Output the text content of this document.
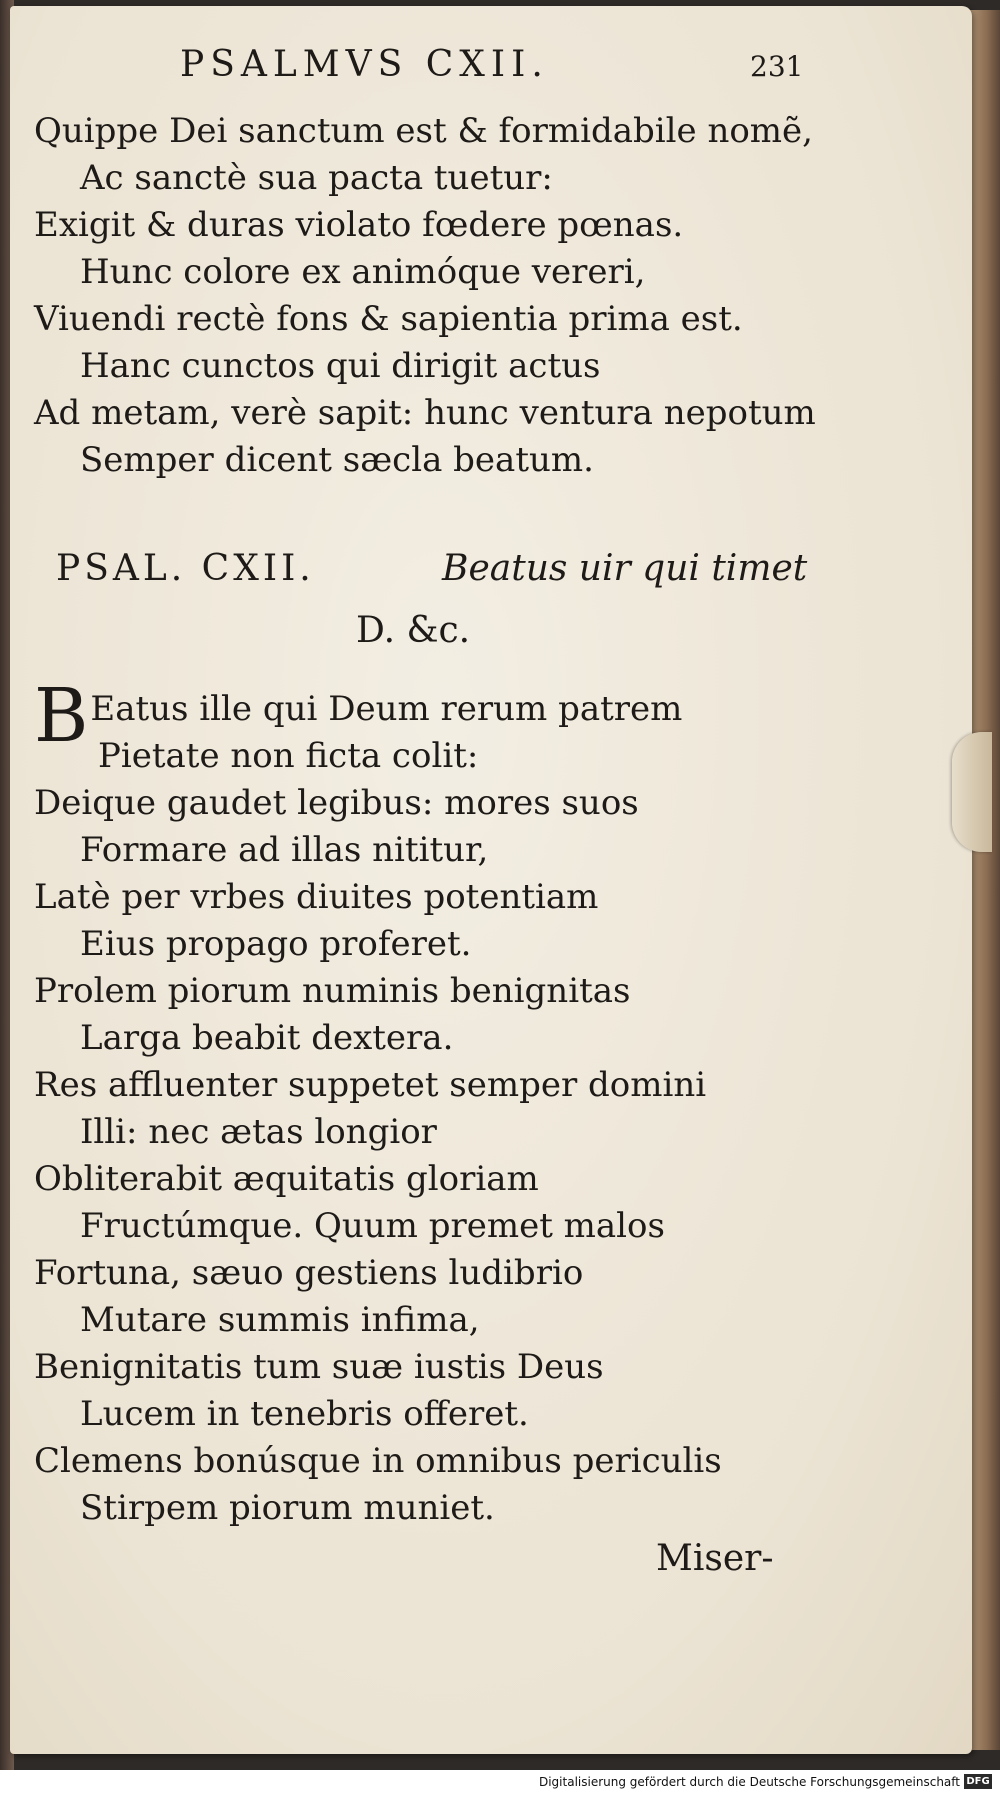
PSALMVS CXII.	231
Quippe Dei sanctum est & formidabile nomẽ,
Ac sanctè sua pacta tuetur:
Exigit & duras violato fœdere pœnas.
Hunc colore ex animóque vereri,
Viuendi rectè fons & sapientia prima est.
Hanc cunctos qui dirigit actus
Ad metam, verè sapit: hunc ventura nepotum
Semper dicent sæcla beatum.
PSAL. CXII.	Beatus uir qui timet
D. &c.
BEatus ille qui Deum rerum patrem
Pietate non ficta colit:
Deique gaudet legibus: mores suos
Formare ad illas nititur,
Latè per vrbes diuites potentiam
Eius propago proferet.
Prolem piorum numinis benignitas
Larga beabit dextera.
Res affluenter suppetet semper domini
Illi: nec ætas longior
Obliterabit æquitatis gloriam
Fructúmque. Quum premet malos
Fortuna, sæuo gestiens ludibrio
Mutare summis infima,
Benignitatis tum suæ iustis Deus
Lucem in tenebris offeret.
Clemens bonúsque in omnibus periculis
Stirpem piorum muniet.
Miser-
Digitalisierung gefördert durch die Deutsche Forschungsgemeinschaft DFG
